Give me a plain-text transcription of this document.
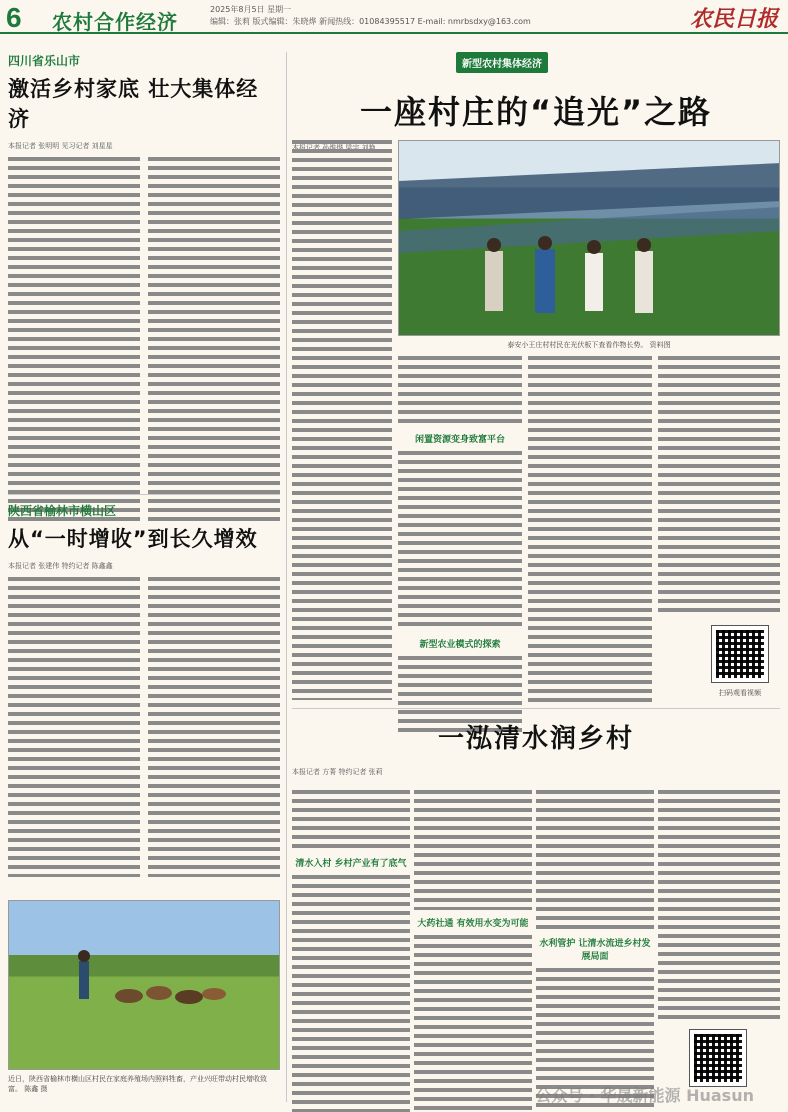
6 农村合作经济
2025年8月5日 星期一
编辑：张莉 版式编辑：朱晓烨 新闻热线：01084395517 E-mail: nmrbsdxy@163.com	农民日报
四川省乐山市
激活乡村家底 壮大集体经济
本报记者 张明明 见习记者 刘星星
陕西省榆林市横山区
从“一时增收”到长久增效
本报记者 张建伟 特约记者 陈鑫鑫
近日，陕西省榆林市横山区村民在家庭养殖场内照料牲畜，产业兴旺带动村民增收致富。 陈鑫 摄
新型农村集体经济
一座村庄的“追光”之路
本报记者 孙维烨 梁宇 刘艳
泰安小王庄村村民在光伏板下查看作物长势。 资料图
闲置资源变身致富平台
新型农业模式的探索
扫码观看视频
一泓清水润乡村
本报记者 方菁 特约记者 张莉
清水入村 乡村产业有了底气
大药社通 有效用水变为可能
水利管护 让清水流进乡村发展局面
公众号 · 华晟新能源 Huasun
